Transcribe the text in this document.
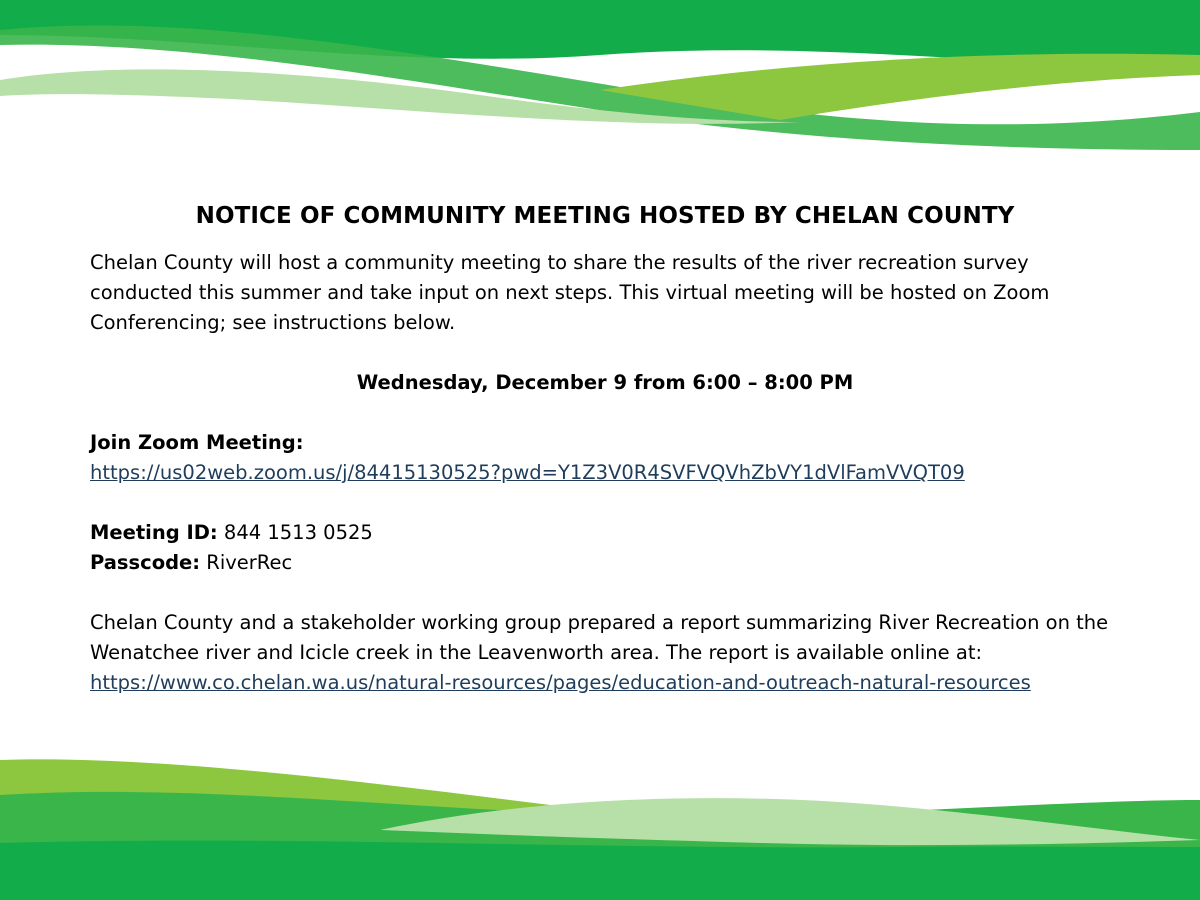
NOTICE OF COMMUNITY MEETING HOSTED BY CHELAN COUNTY

Chelan County will host a community meeting to share the results of the river recreation survey conducted this summer and take input on next steps. This virtual meeting will be hosted on Zoom Conferencing; see instructions below.

Wednesday, December 9 from 6:00 – 8:00 PM

Join Zoom Meeting:

https://us02web.zoom.us/j/84415130525?pwd=Y1Z3V0R4SVFVQVhZbVY1dVlFamVVQT09

Meeting ID: 844 1513 0525

Passcode: RiverRec

Chelan County and a stakeholder working group prepared a report summarizing River Recreation on the Wenatchee river and Icicle creek in the Leavenworth area. The report is available online at:

https://www.co.chelan.wa.us/natural-resources/pages/education-and-outreach-natural-resources
